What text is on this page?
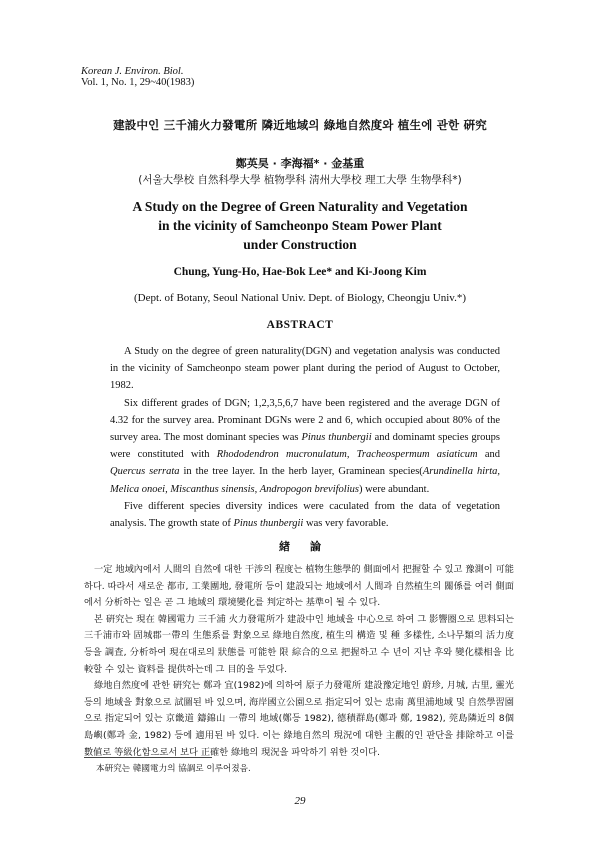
Korean J. Environ. Biol.
Vol. 1, No. 1, 29~40(1983)
建設中인 三千浦火力發電所 隣近地域의 綠地自然度와 植生에 관한 硏究
鄭英昊 · 李海福* · 金基重
(서울大學校 自然科學大學 植物學科 淸州大學校 理工大學 生物學科*)
A Study on the Degree of Green Naturality and Vegetation
in the vicinity of Samcheonpo Steam Power Plant
under Construction
Chung, Yung-Ho, Hae-Bok Lee* and Ki-Joong Kim
(Dept. of Botany, Seoul National Univ. Dept. of Biology, Cheongju Univ.*)
ABSTRACT

A Study on the degree of green naturality(DGN) and vegetation analysis was conducted in the vicinity of Samcheonpo steam power plant during the period of August to October, 1982.

Six different grades of DGN; 1,2,3,5,6,7 have been registered and the average DGN of 4.32 for the survey area. Prominant DGNs were 2 and 6, which occupied about 80% of the survey area. The most dominant species was Pinus thunbergii and dominamt species groups were constituted with Rhododendron mucronulatum, Tracheospermum asiaticum and Quercus serrata in the tree layer. In the herb layer, Graminean species(Arundinella hirta, Melica onoei, Miscanthus sinensis, Andropogon brevifolius) were abundant.

Five different species diversity indices were caculated from the data of vegetation analysis. The growth state of Pinus thunbergii was very favorable.

緖論

一定 地域內에서 人間의 自然에 대한 干涉의 程度는 植物生態學的 側面에서 把握할 수 있고 豫測이 可能하다. 따라서 새로운 都市, 工業團地, 發電所 등이 建設되는 地域에서 人間과 自然植生의 關係를 여러 側面에서 分析하는 일은 곧 그 地域의 環境變化를 判定하는 基準이 될 수 있다.

본 硏究는 現在 韓國電力 三千浦 火力發電所가 建設中인 地域을 中心으로 하여 그 影響圈으로 思料되는 三千浦市와 固城郡一帶의 生態系를 對象으로 綠地自然度, 植生의 構造 및 種 多樣性, 소나무類의 活力度 등을 調査, 分析하여 現在대로의 狀態를 可能한 限 綜合的으로 把握하고 수 년이 지난 후와 變化樣相을 比較할 수 있는 資料를 提供하는데 그 目的을 두었다.

綠地自然度에 관한 硏究는 鄭과 宜(1982)에 의하여 原子力發電所 建設豫定地인 蔚珍, 月城, 古里, 靈光 등의 地域을 對象으로 試圖된 바 있으며, 海岸國立公園으로 指定되어 있는 忠南 萬里浦地域 및 自然學習園으로 指定되어 있는 京畿道 鑄錦山 一帶의 地域(鄭등 1982), 德積群島(鄭과 鄭, 1982), 莞島隣近의 8個 島嶼(鄭과 金, 1982) 등에 適用된 바 있다. 이는 綠地自然의 現況에 대한 主觀的인 판단을 排除하고 이를 數値로 等級化함으로서 보다 正確한 綠地의 現況을 파악하기 위한 것이다.

本硏究는 韓國電力의 協調로 이루어졌음.
29
